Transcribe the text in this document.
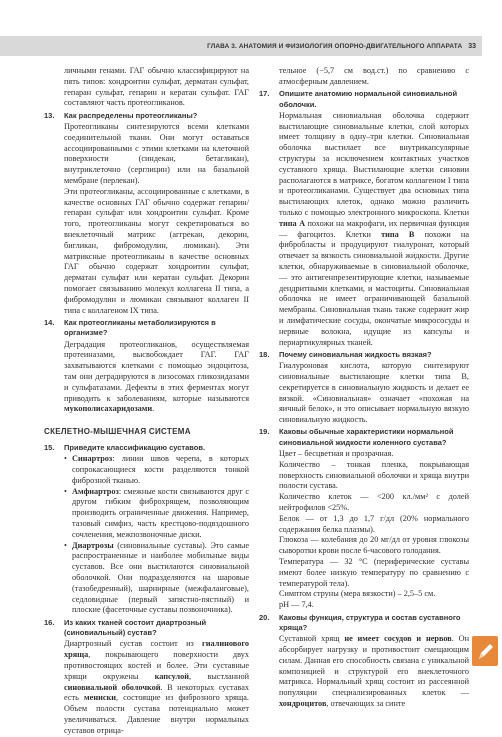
ГЛАВА 3. АНАТОМИЯ И ФИЗИОЛОГИЯ ОПОРНО-ДВИГАТЕЛЬНОГО АППАРАТА 33

личными генами. ГАГ обычно классифицируют на пять типов: хондроитин сульфат, дерматан сульфат, гепаран сульфат, гепарин и кератан сульфат. ГАГ составляют часть протеогликанов.

13.	Как распределены протеогликаны?

Протеогликаны синтезируются всеми клетками соединительной ткани. Они могут оставаться ассоциированными с этими клетками на клеточной поверхности (синдекан, бетагликан), внутриклеточно (серглицин) или на базальной мембране (перлекан).

Эти протеогликаны, ассоциированные с клетками, в качестве основных ГАГ обычно содержат гепарин/гепаран сульфат или хондроитин сульфат. Кроме того, протеогликаны могут секретироваться во внеклеточный матрикс (аггрекан, декорин, бигликан, фибромодулин, люмикан). Эти матриксные протеогликаны в качестве основных ГАГ обычно содержат хондроитин сульфат, дерматан сульфат или кератан сульфат. Декорин помогает связыванию молекул коллагена II типа, а фибромодулин и люмикан связывают коллаген II типа с коллагеном IX типа.

14.	Как протеогликаны метаболизируются в организме?

Деградация протеогликанов, осуществляемая протеиназами, высвобождает ГАГ. ГАГ захватываются клетками с помощью эндоцитоза, там они деградируются в лизосомах гликозидазами и сульфатазами. Дефекты в этих ферментах могут приводить к заболеваниям, которые называются мукополисахаридозами.

СКЕЛЕТНО-МЫШЕЧНАЯ СИСТЕМА
15.	Приведите классификацию суставов.
• Синартроз: линии швов черепа, в которых сопрокасающиеся кости разделяются тонкой фиброзной тканью.
• Амфиартроз: смежные кости связываются друг с другом гибким фиброхрящем, позволяющим производить ограниченные движения. Например, тазовый симфиз, часть крестцово-подвздошного сочленения, межпозвоночные диски.
• Диартрозы (синовиальные суставы). Это самые распространенные и наиболее мобильные виды суставов. Все они выстилаются синовиальной оболочкой. Они подразделяются на шаровые (тазобедренный), шарнирные (межфаланговые), седловидные (первый запястно-пястный) и плоские (фасеточные суставы позвоночника).
16.	Из каких тканей состоит диартрозный (синовиальный) сустав?

Диартрозный сустав состоит из гиалинового хряща, покрывающего поверхности двух противостоящих костей и более. Эти суставные хрящи окружены капсулой, выстланной синовиальной оболочкой. В некоторых суставах есть мениски, состоящие из фиброзного хряща. Объем полости сустава потенциально может увеличиваться. Давление внутри нормальных суставов отрица-

тельное (−5,7 см вод.ст.) по сравнению с атмосферным давлением.

17.	Опишите анатомию нормальной синовиальной оболочки.

Нормальная синовиальная оболочка содержит выстилающие синовиальные клетки, слой которых имеет толщину в одну–три клетки. Синовиальная оболочка выстилает все внутрикапсулярные структуры за исключением контактных участков суставного хряща. Выстилающие клетки синовии располагаются в матриксе, богатом коллагеном I типа и протеогликанами. Существует два основных типа выстилающих клеток, однако можно различить только с помощью электронного микроскопа. Клетки типа А похожи на макрофаги, их первичная функция — фагоцитоз. Клетки типа В похожи на фибробласты и продуцируют гиалуронат, который отвечает за вязкость синовиальной жидкости. Другие клетки, обнаруживаемые в синовиальной оболочке, — это антигенпрезентирующие клетки, называемые дендритными клетками, и мастоциты. Синовиальная оболочка не имеет ограничивающей базальной мембраны. Синовиальная ткань также содержит жир и лимфатические сосуды, окончатые микрососуды и нервные волокна, идущие из капсулы и периартикулярных тканей.

18.	Почему синовиальная жидкость вязкая?

Гиалуроновая кислота, которую синтезируют синовиальные выстилающие клетки типа В, секретируется в синовиальную жидкость и делает ее вязкой. «Синовиальная» означает «похожая на яичный белок», и это описывает нормальную вязкую синовиальную жидкость.

19.	Каковы обычные характеристики нормальной синовиальной жидкости коленного сустава?

Цвет – бесцветная и прозрачная.

Количество – тонкая пленка, покрывающая поверхность синовиальной оболочки и хряща внутри полости сустава.

Количество клеток — <200 кл./мм² с долей нейтрофилов <25%.

Белок — от 1,3 до 1,7 г/дл (20% нормального содержания белка плазмы).

Глюкоза — колебания до 20 мг/дл от уровня глюкозы сыворотки крови после 6-часового голодания.

Температура — 32 °С (периферические суставы имеют более низкую температуру по сравнению с температурой тела).

Симптом струны (мера вязкости) – 2,5–5 см.

pH — 7,4.

20.	Каковы функция, структура и состав суставного хряща?

Суставной хрящ не имеет сосудов и нервов. Он абсорбирует нагрузку и противостоит смещающим силам. Данная его способность связана с уникальной композицией и структурой его внеклеточного матрикса. Нормальный хрящ состоит из рассеянной популяции специализированных клеток — хондроцитов, отвечающих за синте
